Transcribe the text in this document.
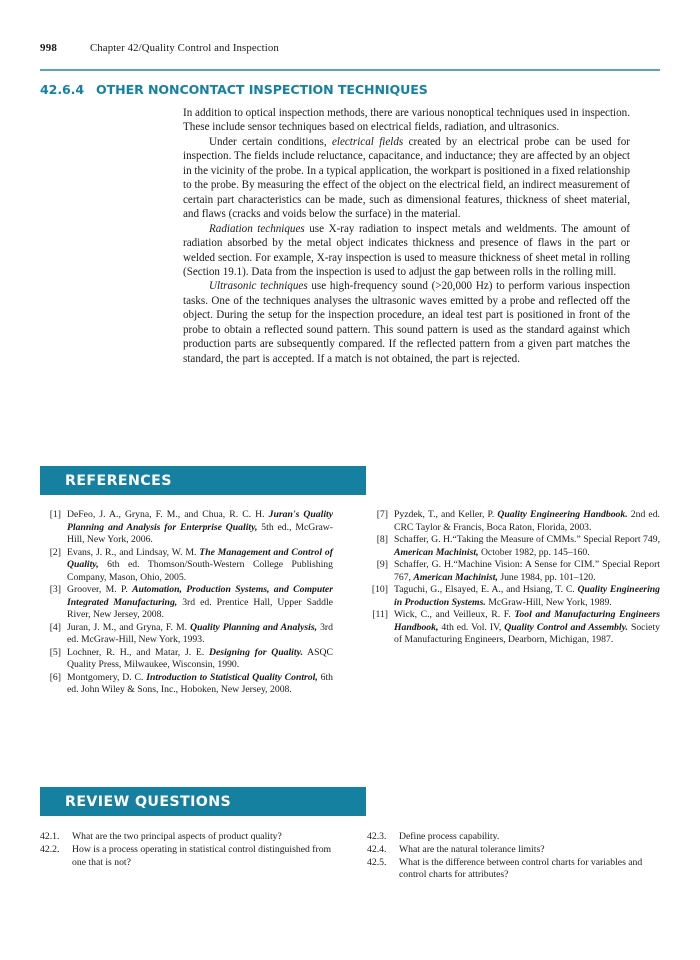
998	Chapter 42/Quality Control and Inspection
42.6.4 OTHER NONCONTACT INSPECTION TECHNIQUES

In addition to optical inspection methods, there are various nonoptical techniques used in inspection. These include sensor techniques based on electrical fields, radiation, and ultrasonics.

Under certain conditions, electrical fields created by an electrical probe can be used for inspection. The fields include reluctance, capacitance, and inductance; they are affected by an object in the vicinity of the probe. In a typical application, the workpart is positioned in a fixed relationship to the probe. By measuring the effect of the object on the electrical field, an indirect measurement of certain part characteristics can be made, such as dimensional features, thickness of sheet material, and flaws (cracks and voids below the surface) in the material.

Radiation techniques use X-ray radiation to inspect metals and weldments. The amount of radiation absorbed by the metal object indicates thickness and presence of flaws in the part or welded section. For example, X-ray inspection is used to measure thickness of sheet metal in rolling (Section 19.1). Data from the inspection is used to adjust the gap between rolls in the rolling mill.

Ultrasonic techniques use high-frequency sound (>20,000 Hz) to perform various inspection tasks. One of the techniques analyses the ultrasonic waves emitted by a probe and reflected off the object. During the setup for the inspection procedure, an ideal test part is positioned in front of the probe to obtain a reflected sound pattern. This sound pattern is used as the standard against which production parts are subsequently compared. If the reflected pattern from a given part matches the standard, the part is accepted. If a match is not obtained, the part is rejected.

REFERENCES
[1] DeFeo, J. A., Gryna, F. M., and Chua, R. C. H. Juran's Quality Planning and Analysis for Enterprise Quality, 5th ed., McGraw-Hill, New York, 2006.
[2] Evans, J. R., and Lindsay, W. M. The Management and Control of Quality, 6th ed. Thomson/South-Western College Publishing Company, Mason, Ohio, 2005.
[3] Groover, M. P. Automation, Production Systems, and Computer Integrated Manufacturing, 3rd ed. Prentice Hall, Upper Saddle River, New Jersey, 2008.
[4] Juran, J. M., and Gryna, F. M. Quality Planning and Analysis, 3rd ed. McGraw-Hill, New York, 1993.
[5] Lochner, R. H., and Matar, J. E. Designing for Quality. ASQC Quality Press, Milwaukee, Wisconsin, 1990.
[6] Montgomery, D. C. Introduction to Statistical Quality Control, 6th ed. John Wiley & Sons, Inc., Hoboken, New Jersey, 2008.
[7] Pyzdek, T., and Keller, P. Quality Engineering Handbook. 2nd ed. CRC Taylor & Francis, Boca Raton, Florida, 2003.
[8] Schaffer, G. H.“Taking the Measure of CMMs.” Special Report 749, American Machinist, October 1982, pp. 145–160.
[9] Schaffer, G. H.“Machine Vision: A Sense for CIM.” Special Report 767, American Machinist, June 1984, pp. 101–120.
[10] Taguchi, G., Elsayed, E. A., and Hsiang, T. C. Quality Engineering in Production Systems. McGraw-Hill, New York, 1989.
[11] Wick, C., and Veilleux, R. F. Tool and Manufacturing Engineers Handbook, 4th ed. Vol. IV, Quality Control and Assembly. Society of Manufacturing Engineers, Dearborn, Michigan, 1987.
REVIEW QUESTIONS
42.1.	What are the two principal aspects of product quality?
42.2.	How is a process operating in statistical control distinguished from one that is not?
42.3.	Define process capability.
42.4.	What are the natural tolerance limits?
42.5.	What is the difference between control charts for variables and control charts for attributes?
